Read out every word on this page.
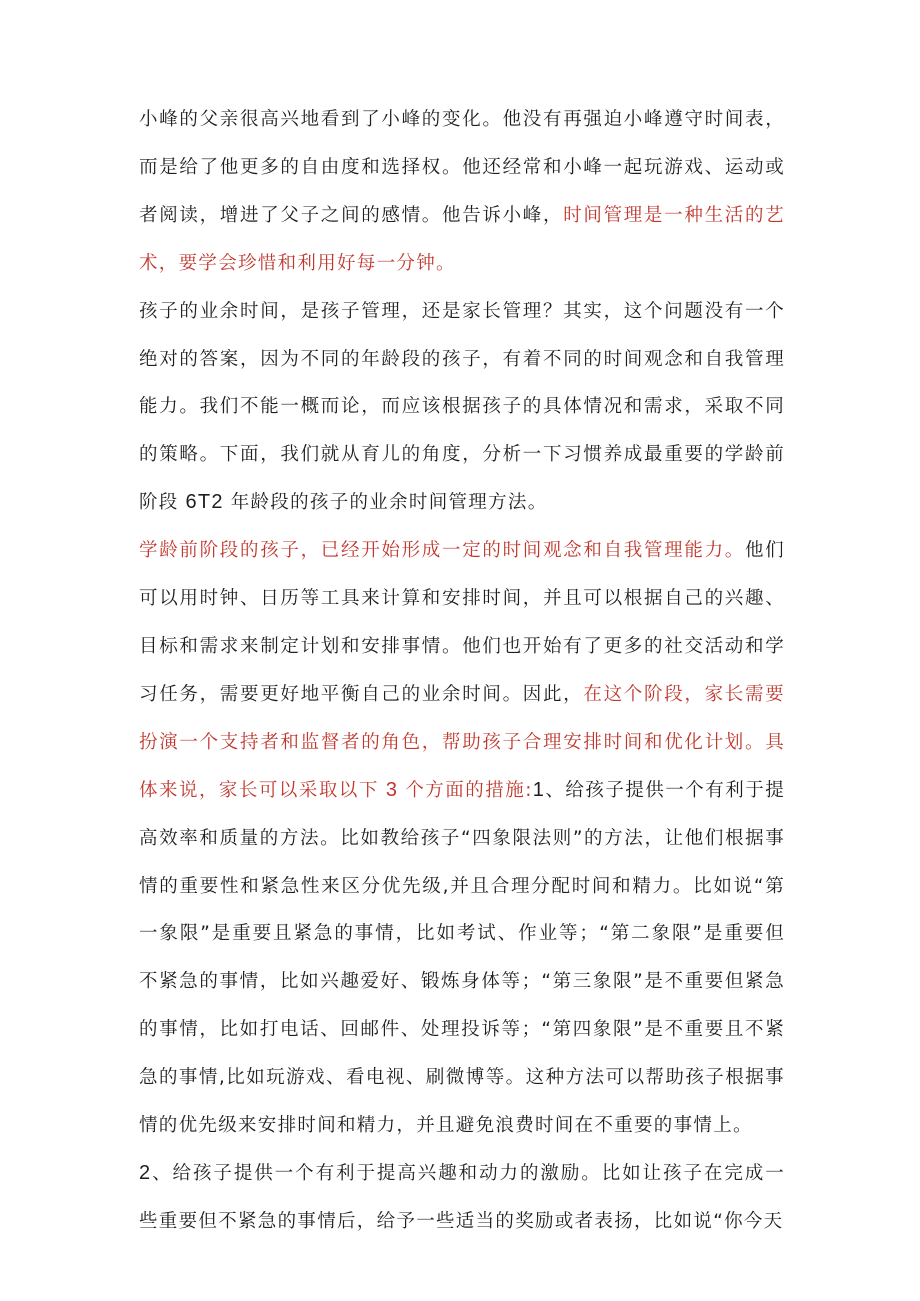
小峰的父亲很高兴地看到了小峰的变化。他没有再强迫小峰遵守时间表，而是给了他更多的自由度和选择权。他还经常和小峰一起玩游戏、运动或者阅读，增进了父子之间的感情。他告诉小峰，时间管理是一种生活的艺术，要学会珍惜和利用好每一分钟。

孩子的业余时间，是孩子管理，还是家长管理？其实，这个问题没有一个绝对的答案，因为不同的年龄段的孩子，有着不同的时间观念和自我管理能力。我们不能一概而论，而应该根据孩子的具体情况和需求，采取不同的策略。下面，我们就从育儿的角度，分析一下习惯养成最重要的学龄前阶段 6T2 年龄段的孩子的业余时间管理方法。

学龄前阶段的孩子，已经开始形成一定的时间观念和自我管理能力。他们可以用时钟、日历等工具来计算和安排时间，并且可以根据自己的兴趣、目标和需求来制定计划和安排事情。他们也开始有了更多的社交活动和学习任务，需要更好地平衡自己的业余时间。因此，在这个阶段，家长需要扮演一个支持者和监督者的角色，帮助孩子合理安排时间和优化计划。具体来说，家长可以采取以下 3 个方面的措施:1、给孩子提供一个有利于提高效率和质量的方法。比如教给孩子“四象限法则”的方法，让他们根据事情的重要性和紧急性来区分优先级,并且合理分配时间和精力。比如说“第一象限”是重要且紧急的事情，比如考试、作业等；“第二象限”是重要但不紧急的事情，比如兴趣爱好、锻炼身体等；“第三象限”是不重要但紧急的事情，比如打电话、回邮件、处理投诉等；“第四象限”是不重要且不紧急的事情,比如玩游戏、看电视、刷微博等。这种方法可以帮助孩子根据事情的优先级来安排时间和精力，并且避免浪费时间在不重要的事情上。

2、给孩子提供一个有利于提高兴趣和动力的激励。比如让孩子在完成一些重要但不紧急的事情后，给予一些适当的奖励或者表扬，比如说“你今天
